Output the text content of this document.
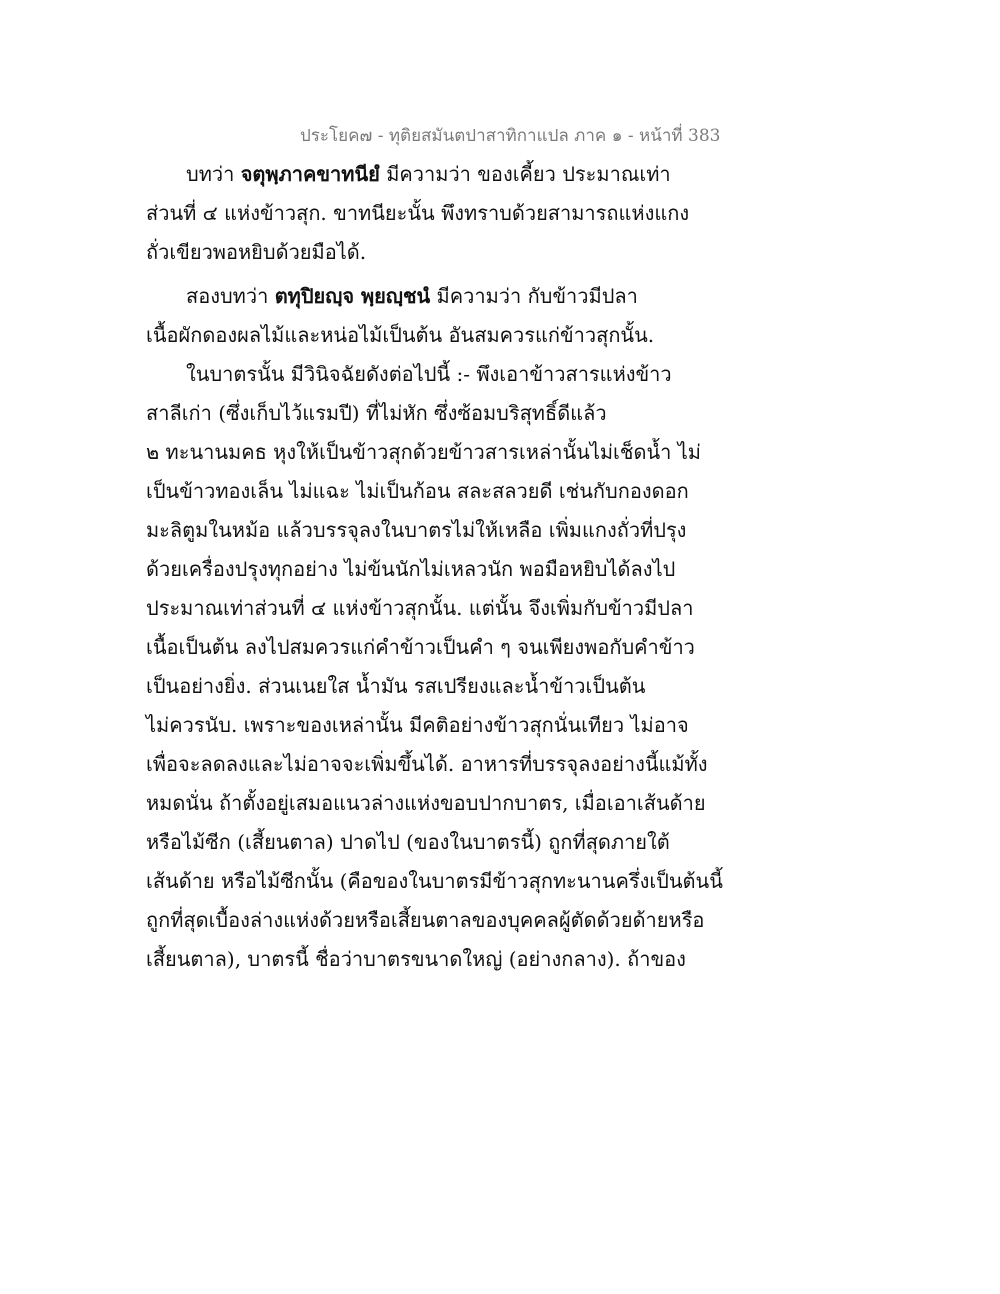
ประโยค๗ - ทุติยสมันตปาสาทิกาแปล ภาค ๑ - หน้าที่ 383
บทว่า จตุพฺภาคขาทนียํ มีความว่า ของเคี้ยว ประมาณเท่า
ส่วนที่ ๔ แห่งข้าวสุก. ขาทนียะนั้น พึงทราบด้วยสามารถแห่งแกง
ถั่วเขียวพอหยิบด้วยมือได้.
สองบทว่า ตทุปิยญฺจ พฺยญฺชนํ มีความว่า กับข้าวมีปลา
เนื้อผักดองผลไม้และหน่อไม้เป็นต้น อันสมควรแก่ข้าวสุกนั้น.
ในบาตรนั้น มีวินิจฉัยดังต่อไปนี้ :- พึงเอาข้าวสารแห่งข้าว
สาลีเก่า (ซึ่งเก็บไว้แรมปี) ที่ไม่หัก ซึ่งซ้อมบริสุทธิ์ดีแล้ว
๒ ทะนานมคธ หุงให้เป็นข้าวสุกด้วยข้าวสารเหล่านั้นไม่เช็ดน้ำ ไม่
เป็นข้าวทองเล็น ไม่แฉะ ไม่เป็นก้อน สละสลวยดี เช่นกับกองดอก
มะลิตูมในหม้อ แล้วบรรจุลงในบาตรไม่ให้เหลือ เพิ่มแกงถั่วที่ปรุง
ด้วยเครื่องปรุงทุกอย่าง ไม่ข้นนักไม่เหลวนัก พอมือหยิบได้ลงไป
ประมาณเท่าส่วนที่ ๔ แห่งข้าวสุกนั้น. แต่นั้น จึงเพิ่มกับข้าวมีปลา
เนื้อเป็นต้น ลงไปสมควรแก่คำข้าวเป็นคำ ๆ จนเพียงพอกับคำข้าว
เป็นอย่างยิ่ง. ส่วนเนยใส น้ำมัน รสเปรียงและน้ำข้าวเป็นต้น
ไม่ควรนับ. เพราะของเหล่านั้น มีคติอย่างข้าวสุกนั่นเทียว ไม่อาจ
เพื่อจะลดลงและไม่อาจจะเพิ่มขึ้นได้. อาหารที่บรรจุลงอย่างนี้แม้ทั้ง
หมดนั่น ถ้าตั้งอยู่เสมอแนวล่างแห่งขอบปากบาตร, เมื่อเอาเส้นด้าย
หรือไม้ซีก (เสี้ยนตาล) ปาดไป (ของในบาตรนี้) ถูกที่สุดภายใต้
เส้นด้าย หรือไม้ซีกนั้น (คือของในบาตรมีข้าวสุกทะนานครึ่งเป็นต้นนี้
ถูกที่สุดเบื้องล่างแห่งด้วยหรือเสี้ยนตาลของบุคคลผู้ตัดด้วยด้ายหรือ
เสี้ยนตาล), บาตรนี้ ชื่อว่าบาตรขนาดใหญ่ (อย่างกลาง). ถ้าของ
